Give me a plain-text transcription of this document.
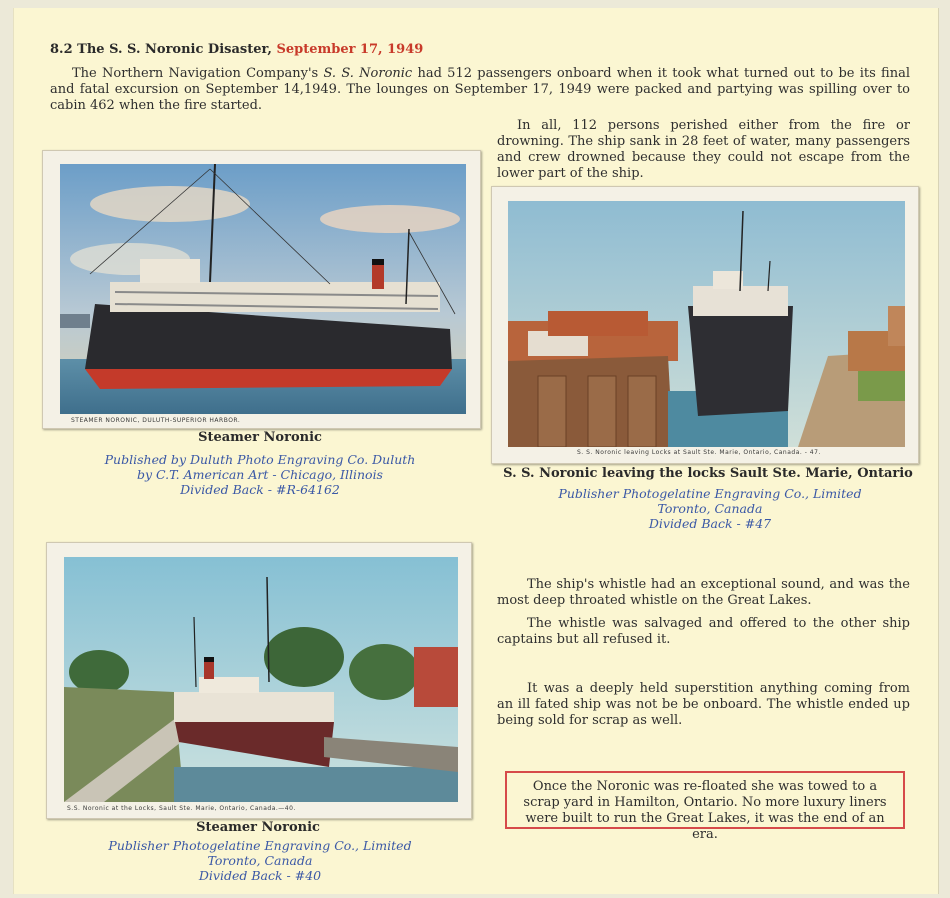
8.2 The S. S. Noronic Disaster, September 17, 1949
The Northern Navigation Company's S. S. Noronic had 512 passengers onboard when it took what turned out to be its final and fatal excursion on September 14,1949. The lounges on September 17, 1949 were packed and partying was spilling over to cabin 462 when the fire started.
In all, 112 persons perished either from the fire or drowning. The ship sank in 28 feet of water, many passengers and crew drowned because they could not escape from the lower part of the ship.
STEAMER NORONIC, DULUTH-SUPERIOR HARBOR.
Steamer Noronic
Published by Duluth Photo Engraving Co. Duluth
by C.T. American Art - Chicago, Illinois
Divided Back - #R-64162
S. S. Noronic leaving Locks at Sault Ste. Marie, Ontario, Canada. - 47.
S. S. Noronic leaving the locks Sault Ste. Marie, Ontario
Publisher Photogelatine Engraving Co., Limited
Toronto, Canada
Divided Back - #47
S.S. Noronic at the Locks, Sault Ste. Marie, Ontario, Canada.—40.
Steamer Noronic
Publisher Photogelatine Engraving Co., Limited
Toronto, Canada
Divided Back - #40
The ship's whistle had an exceptional sound, and was the most deep throated whistle on the Great Lakes.
The whistle was salvaged and offered to the other ship captains but all refused it.
It was a deeply held superstition anything coming from an ill fated ship was not be be onboard. The whistle ended up being sold for scrap as well.
Once the Noronic was re-floated she was towed to a scrap yard in Hamilton, Ontario. No more luxury liners were built to run the Great Lakes, it was the end of an era.
